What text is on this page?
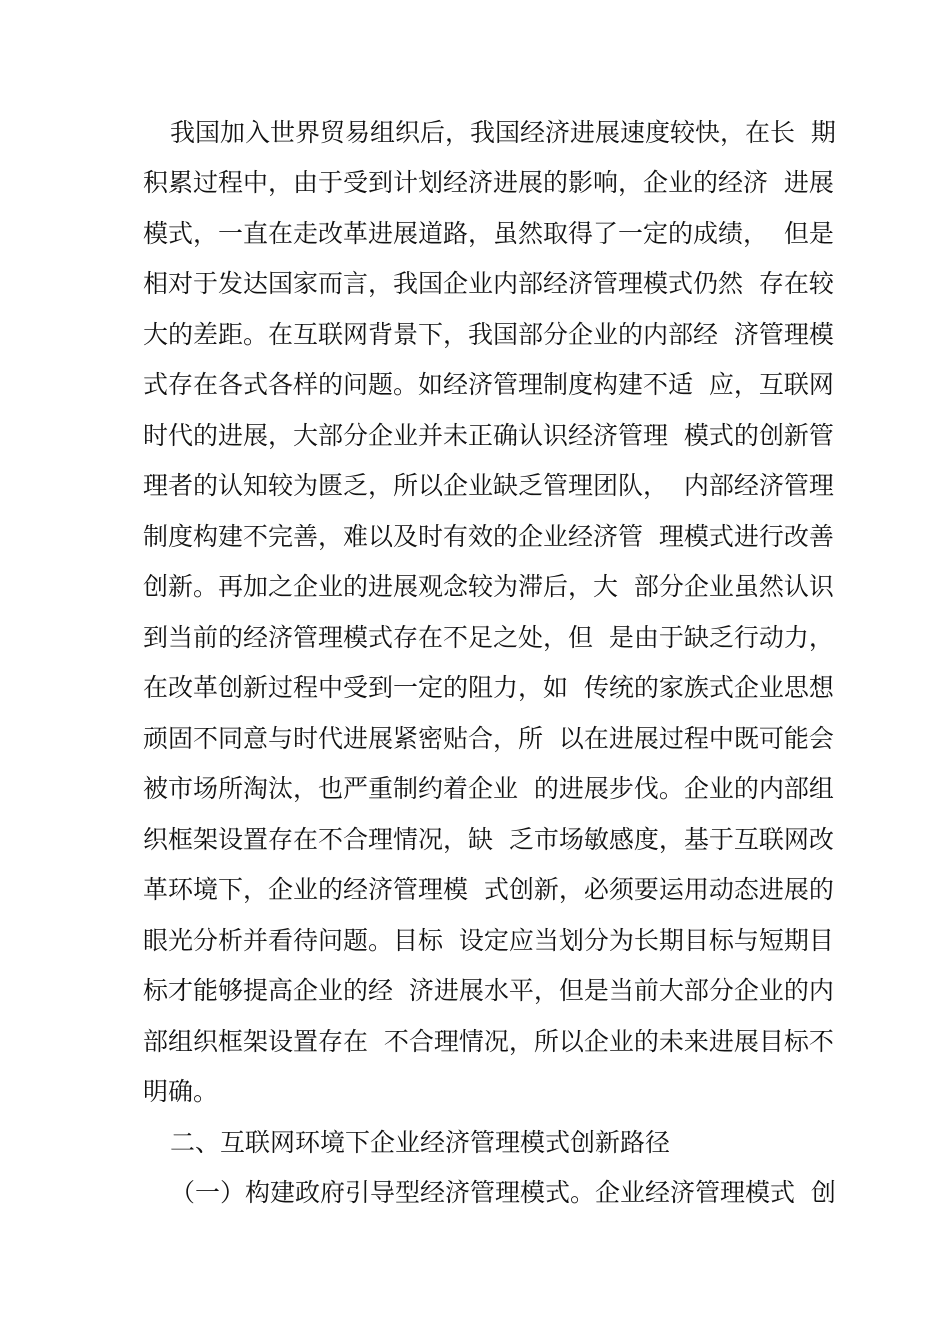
我国加入世界贸易组织后，我国经济进展速度较快，在长  期

积累过程中，由于受到计划经济进展的影响，企业的经济  进展

模式，一直在走改革进展道路，虽然取得了一定的成绩，  但是

相对于发达国家而言，我国企业内部经济管理模式仍然  存在较

大的差距。在互联网背景下，我国部分企业的内部经  济管理模

式存在各式各样的问题。如经济管理制度构建不适  应，互联网

时代的进展，大部分企业并未正确认识经济管理  模式的创新管

理者的认知较为匮乏，所以企业缺乏管理团队，  内部经济管理

制度构建不完善，难以及时有效的企业经济管  理模式进行改善

创新。再加之企业的进展观念较为滞后，大  部分企业虽然认识

到当前的经济管理模式存在不足之处，但  是由于缺乏行动力，

在改革创新过程中受到一定的阻力，如  传统的家族式企业思想

顽固不同意与时代进展紧密贴合，所  以在进展过程中既可能会

被市场所淘汰，也严重制约着企业  的进展步伐。企业的内部组

织框架设置存在不合理情况，缺  乏市场敏感度，基于互联网改

革环境下，企业的经济管理模  式创新，必须要运用动态进展的

眼光分析并看待问题。目标  设定应当划分为长期目标与短期目

标才能够提高企业的经  济进展水平，但是当前大部分企业的内

部组织框架设置存在  不合理情况，所以企业的未来进展目标不

明确。

二、互联网环境下企业经济管理模式创新路径

（一）构建政府引导型经济管理模式。企业经济管理模式  创
